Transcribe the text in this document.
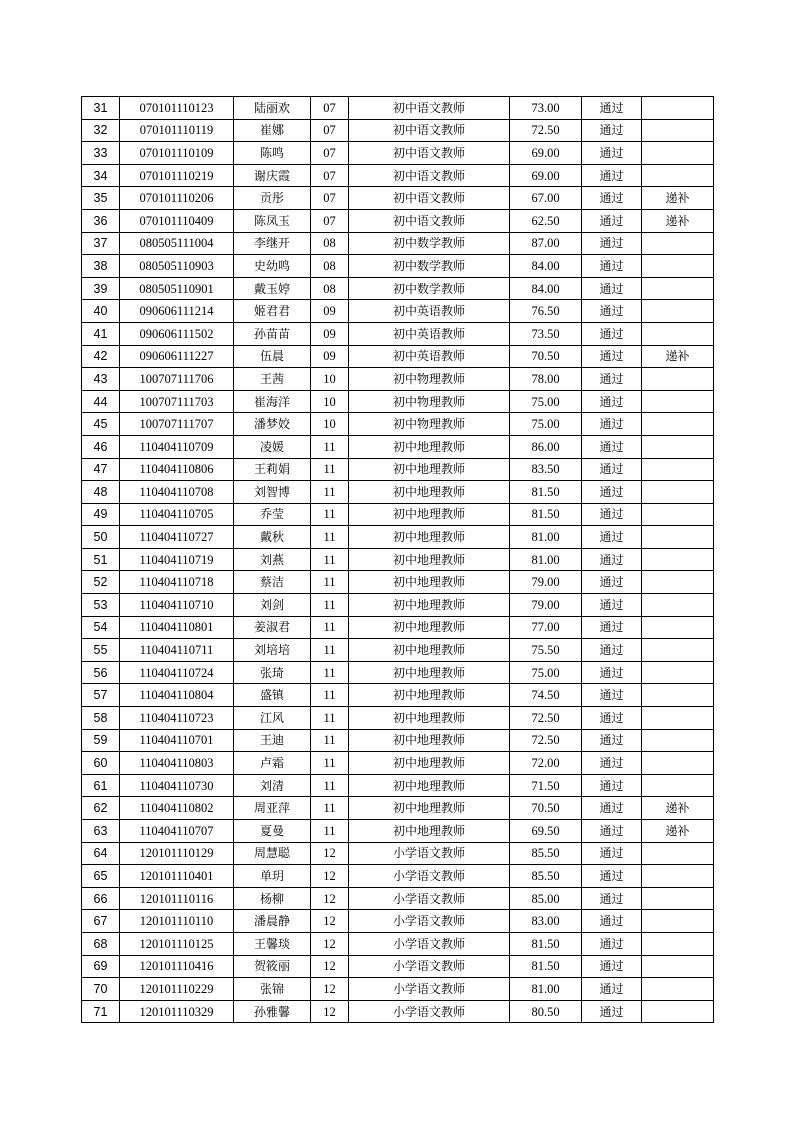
31	070101110123	陆丽欢	07	初中语文教师	73.00	通过	
32	070101110119	崔娜	07	初中语文教师	72.50	通过	
33	070101110109	陈鸣	07	初中语文教师	69.00	通过	
34	070101110219	谢庆霞	07	初中语文教师	69.00	通过	
35	070101110206	贡彤	07	初中语文教师	67.00	通过	递补
36	070101110409	陈凤玉	07	初中语文教师	62.50	通过	递补
37	080505111004	李继开	08	初中数学教师	87.00	通过	
38	080505110903	史幼鸣	08	初中数学教师	84.00	通过	
39	080505110901	戴玉婷	08	初中数学教师	84.00	通过	
40	090606111214	姬君君	09	初中英语教师	76.50	通过	
41	090606111502	孙苗苗	09	初中英语教师	73.50	通过	
42	090606111227	伍晨	09	初中英语教师	70.50	通过	递补
43	100707111706	王茜	10	初中物理教师	78.00	通过	
44	100707111703	崔海洋	10	初中物理教师	75.00	通过	
45	100707111707	潘梦姣	10	初中物理教师	75.00	通过	
46	110404110709	凌媛	11	初中地理教师	86.00	通过	
47	110404110806	王莉娟	11	初中地理教师	83.50	通过	
48	110404110708	刘智博	11	初中地理教师	81.50	通过	
49	110404110705	乔莹	11	初中地理教师	81.50	通过	
50	110404110727	戴秋	11	初中地理教师	81.00	通过	
51	110404110719	刘燕	11	初中地理教师	81.00	通过	
52	110404110718	蔡洁	11	初中地理教师	79.00	通过	
53	110404110710	刘剑	11	初中地理教师	79.00	通过	
54	110404110801	姜淑君	11	初中地理教师	77.00	通过	
55	110404110711	刘培培	11	初中地理教师	75.50	通过	
56	110404110724	张琦	11	初中地理教师	75.00	通过	
57	110404110804	盛镇	11	初中地理教师	74.50	通过	
58	110404110723	江风	11	初中地理教师	72.50	通过	
59	110404110701	王迪	11	初中地理教师	72.50	通过	
60	110404110803	卢霜	11	初中地理教师	72.00	通过	
61	110404110730	刘清	11	初中地理教师	71.50	通过	
62	110404110802	周亚萍	11	初中地理教师	70.50	通过	递补
63	110404110707	夏曼	11	初中地理教师	69.50	通过	递补
64	120101110129	周慧聪	12	小学语文教师	85.50	通过	
65	120101110401	单玥	12	小学语文教师	85.50	通过	
66	120101110116	杨柳	12	小学语文教师	85.00	通过	
67	120101110110	潘晨静	12	小学语文教师	83.00	通过	
68	120101110125	王馨琰	12	小学语文教师	81.50	通过	
69	120101110416	贺筱丽	12	小学语文教师	81.50	通过	
70	120101110229	张锦	12	小学语文教师	81.00	通过	
71	120101110329	孙雅馨	12	小学语文教师	80.50	通过	
